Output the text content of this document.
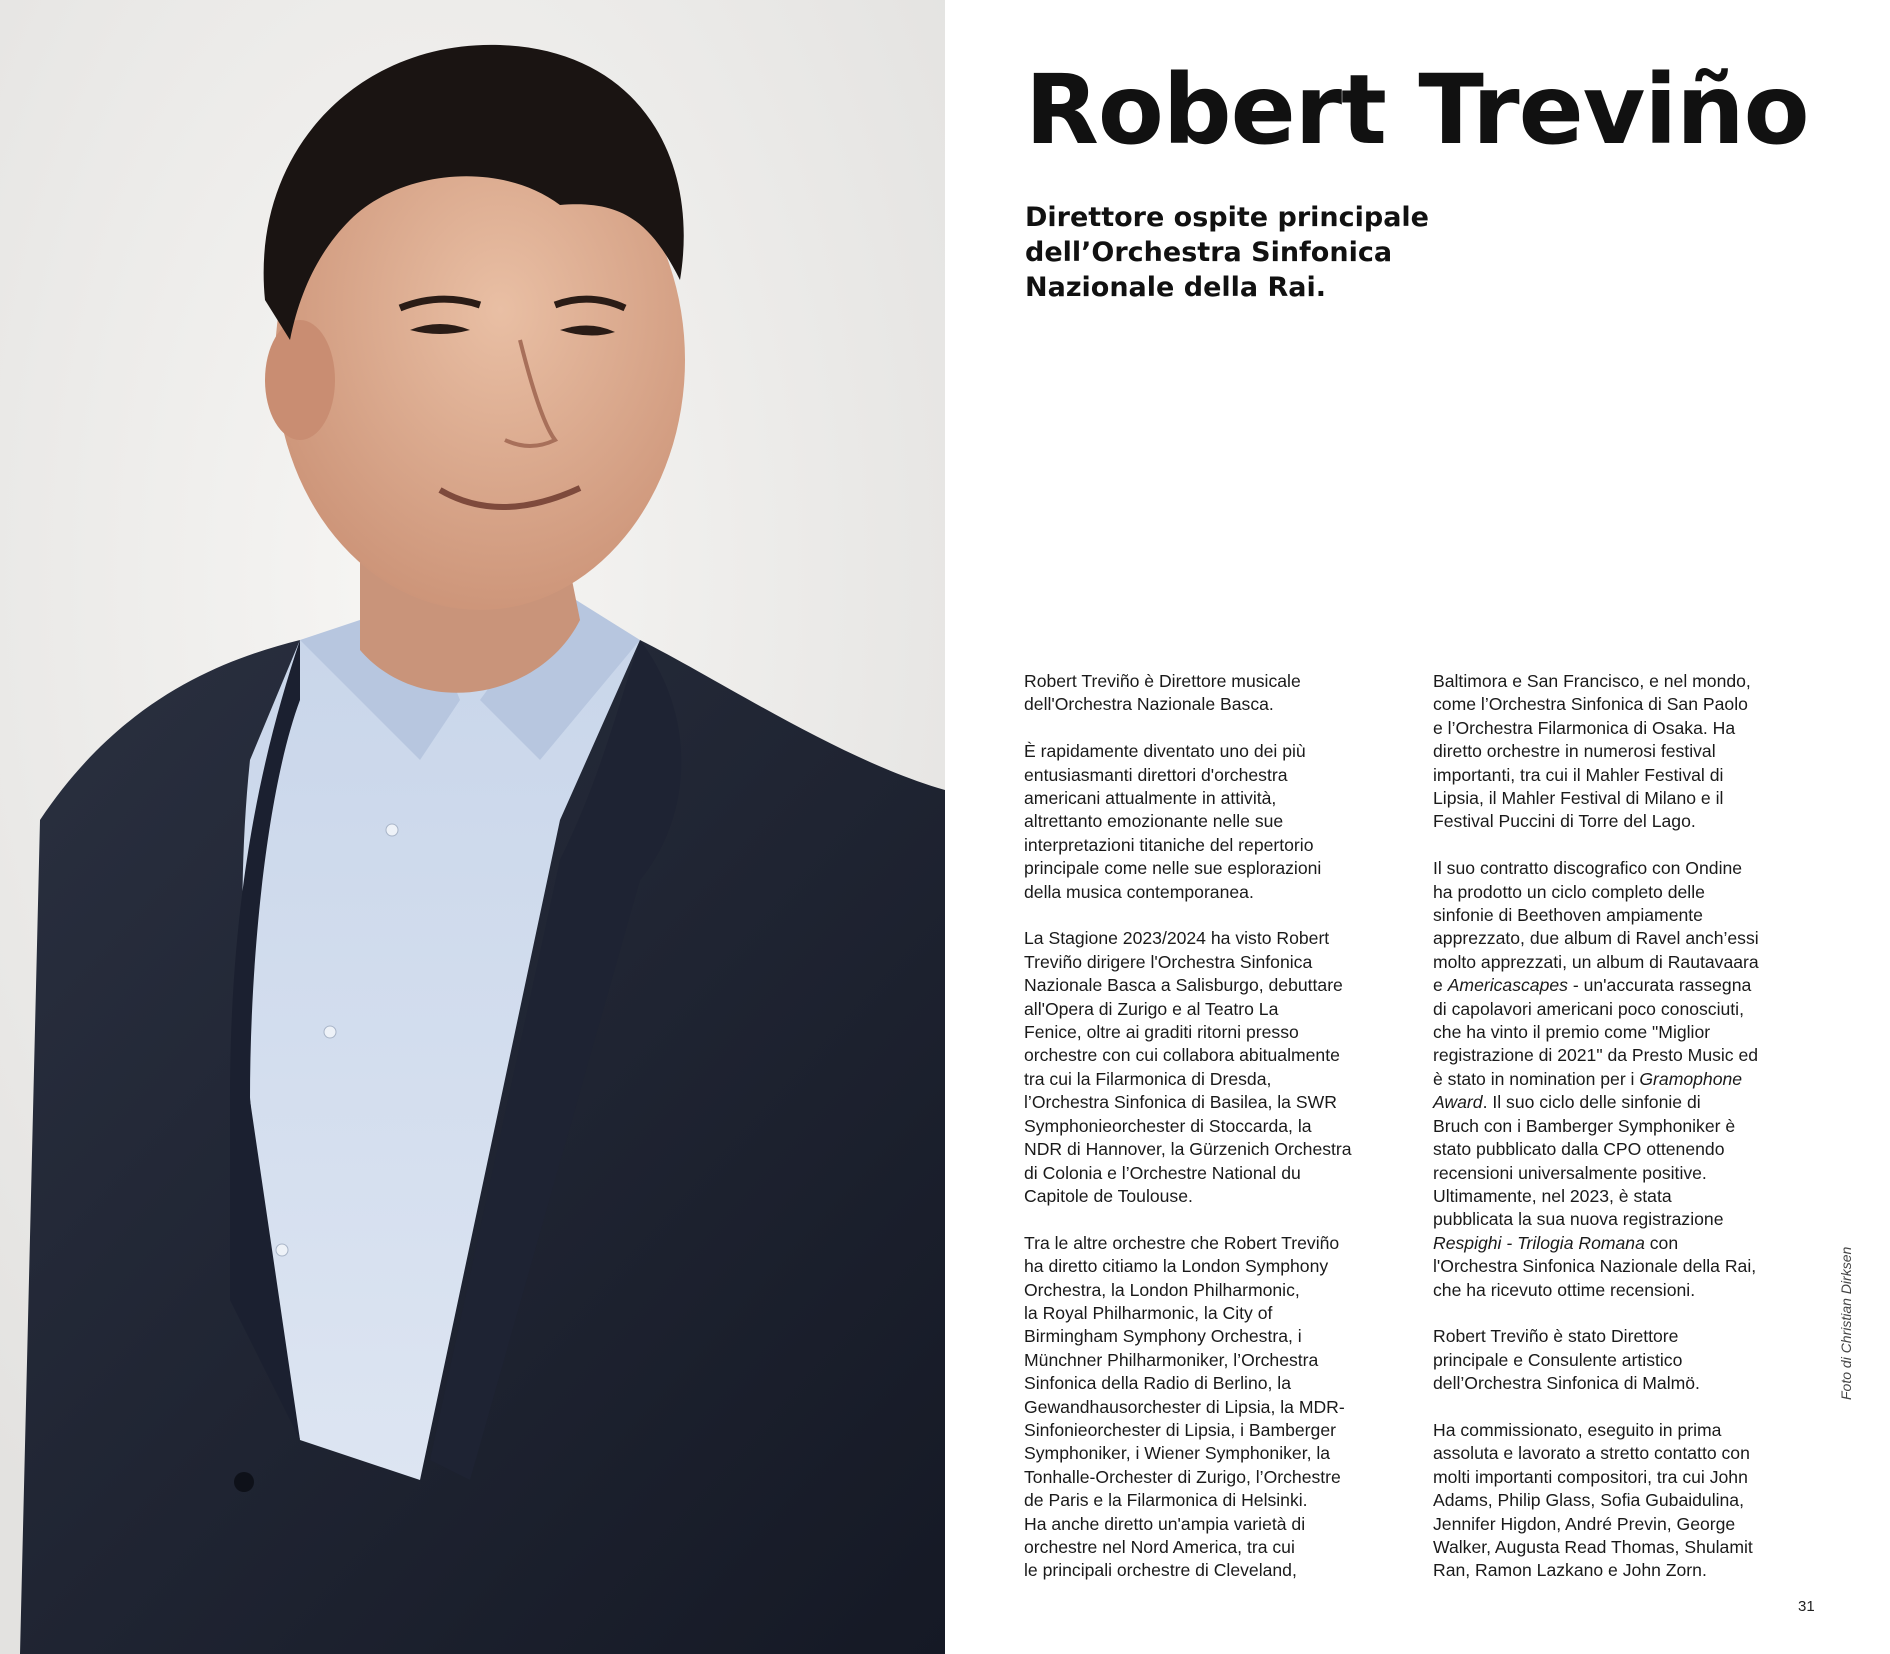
Robert Treviño
Direttore ospite principale
dell’Orchestra Sinfonica
Nazionale della Rai.

Robert Treviño è Direttore musicale
dell'Orchestra Nazionale Basca.

È rapidamente diventato uno dei più
entusiasmanti direttori d'orchestra
americani attualmente in attività,
altrettanto emozionante nelle sue
interpretazioni titaniche del repertorio
principale come nelle sue esplorazioni
della musica contemporanea.

La Stagione 2023/2024 ha visto Robert
Treviño dirigere l'Orchestra Sinfonica
Nazionale Basca a Salisburgo, debuttare
all'Opera di Zurigo e al Teatro La
Fenice, oltre ai graditi ritorni presso
orchestre con cui collabora abitualmente
tra cui la Filarmonica di Dresda,
l’Orchestra Sinfonica di Basilea, la SWR
Symphonieorchester di Stoccarda, la
NDR di Hannover, la Gürzenich Orchestra
di Colonia e l’Orchestre National du
Capitole de Toulouse.

Tra le altre orchestre che Robert Treviño
ha diretto citiamo la London Symphony
Orchestra, la London Philharmonic,
la Royal Philharmonic, la City of
Birmingham Symphony Orchestra, i
Münchner Philharmoniker, l’Orchestra
Sinfonica della Radio di Berlino, la
Gewandhausorchester di Lipsia, la MDR-
Sinfonieorchester di Lipsia, i Bamberger
Symphoniker, i Wiener Symphoniker, la
Tonhalle-Orchester di Zurigo, l’Orchestre
de Paris e la Filarmonica di Helsinki.
Ha anche diretto un'ampia varietà di
orchestre nel Nord America, tra cui
le principali orchestre di Cleveland,

Baltimora e San Francisco, e nel mondo,
come l’Orchestra Sinfonica di San Paolo
e l’Orchestra Filarmonica di Osaka. Ha
diretto orchestre in numerosi festival
importanti, tra cui il Mahler Festival di
Lipsia, il Mahler Festival di Milano e il
Festival Puccini di Torre del Lago.

Il suo contratto discografico con Ondine
ha prodotto un ciclo completo delle
sinfonie di Beethoven ampiamente
apprezzato, due album di Ravel anch’essi
molto apprezzati, un album di Rautavaara
e Americascapes - un'accurata rassegna
di capolavori americani poco conosciuti,
che ha vinto il premio come "Miglior
registrazione di 2021" da Presto Music ed
è stato in nomination per i Gramophone
Award. Il suo ciclo delle sinfonie di
Bruch con i Bamberger Symphoniker è
stato pubblicato dalla CPO ottenendo
recensioni universalmente positive.
Ultimamente, nel 2023, è stata
pubblicata la sua nuova registrazione
Respighi - Trilogia Romana con
l'Orchestra Sinfonica Nazionale della Rai,
che ha ricevuto ottime recensioni.

Robert Treviño è stato Direttore
principale e Consulente artistico
dell’Orchestra Sinfonica di Malmö.

Ha commissionato, eseguito in prima
assoluta e lavorato a stretto contatto con
molti importanti compositori, tra cui John
Adams, Philip Glass, Sofia Gubaidulina,
Jennifer Higdon, André Previn, George
Walker, Augusta Read Thomas, Shulamit
Ran, Ramon Lazkano e John Zorn.

Foto di Christian Dirksen
31
